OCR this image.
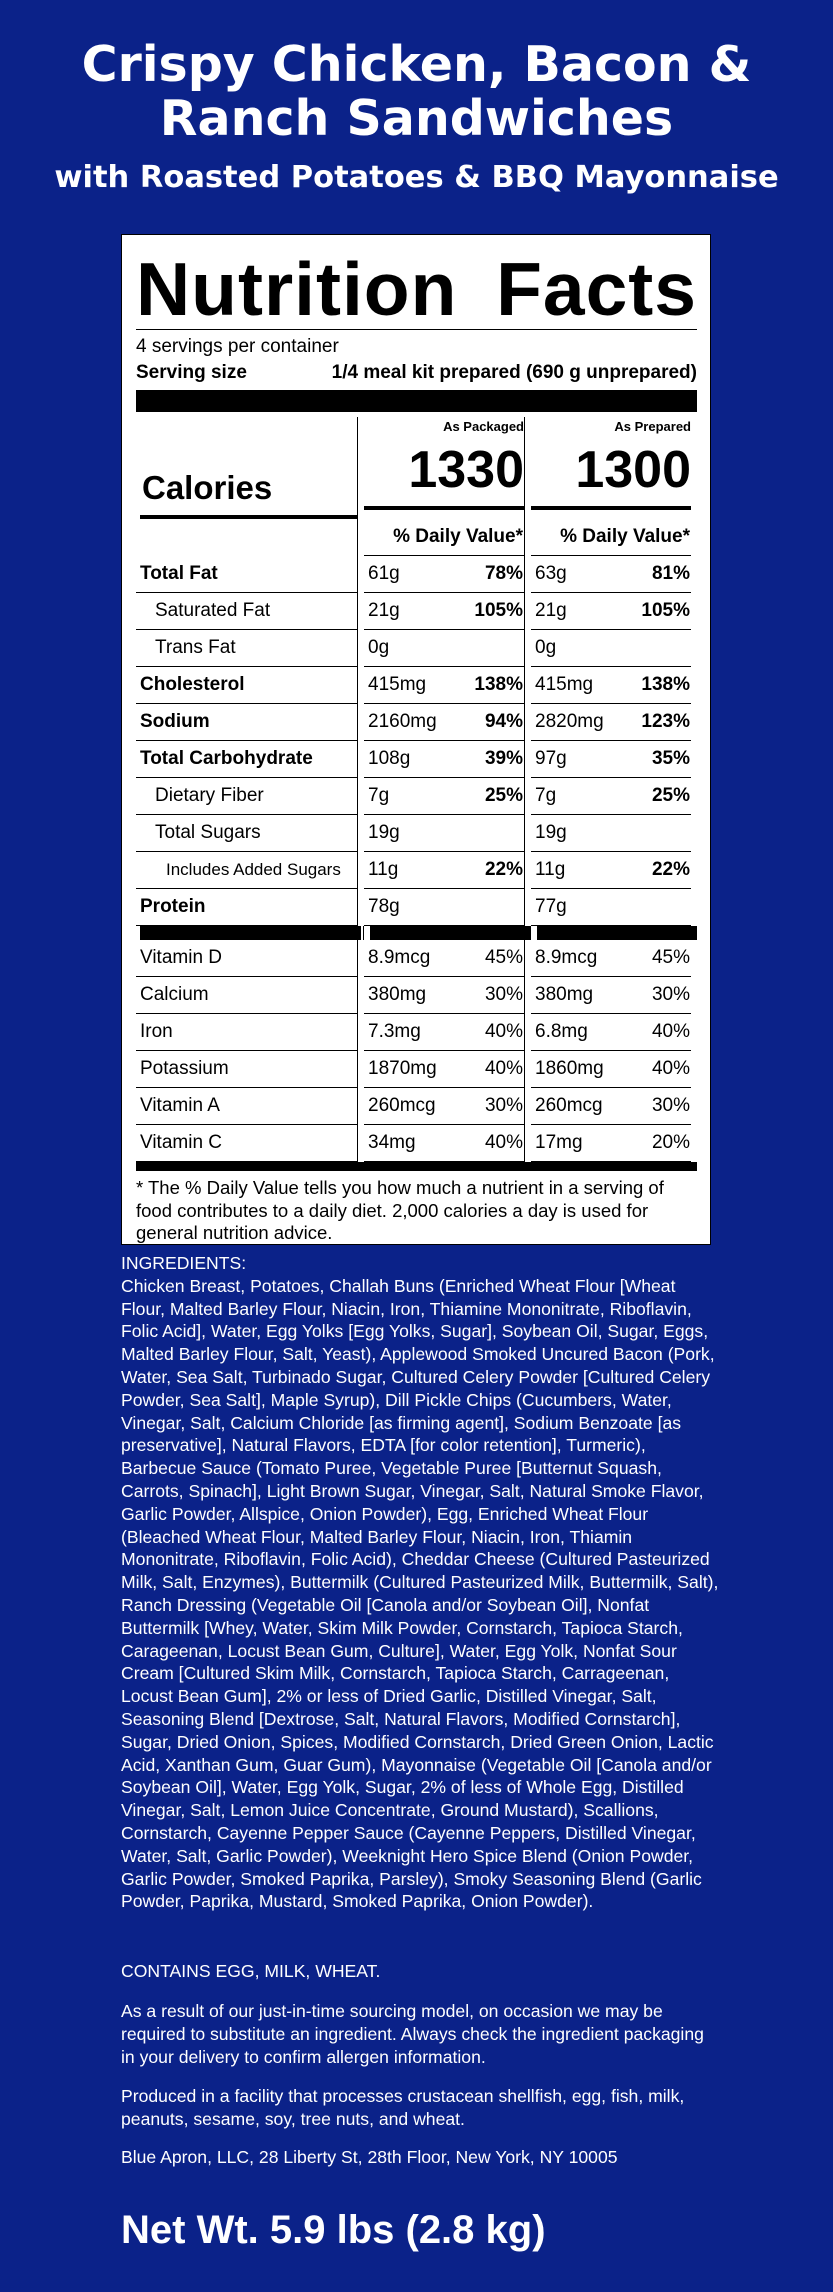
Crispy Chicken, Bacon &
Ranch Sandwiches
with Roasted Potatoes & BBQ Mayonnaise
Nutrition Facts
4 servings per container
Serving size	1/4 meal kit prepared (690 g unprepared)
Calories
As Packaged
1330
As Prepared
1300
% Daily Value*	% Daily Value*
Total Fat	61g	78% 63g	81%
Saturated Fat	21g	105% 21g	105%
Trans Fat	0g	0g
Cholesterol	415mg	138% 415mg	138%
Sodium	2160mg	94% 2820mg 123%
Total Carbohydrate	108g	39% 97g	35%
Dietary Fiber	7g	25% 7g	25%
Total Sugars	19g	19g
Includes Added Sugars	11g	22% 11g	22%
Protein	78g	77g
Vitamin D	8.9mcg	45% 8.9mcg	45%
Calcium	380mg	30% 380mg	30%
Iron	7.3mg	40% 6.8mg	40%
Potassium	1870mg	40% 1860mg	40%
Vitamin A	260mcg	30% 260mcg	30%
Vitamin C	34mg	40% 17mg	20%
* The % Daily Value tells you how much a nutrient in a serving of food contributes to a daily diet. 2,000 calories a day is used for general nutrition advice.
INGREDIENTS:
Chicken Breast, Potatoes, Challah Buns (Enriched Wheat Flour [Wheat Flour, Malted Barley Flour, Niacin, Iron, Thiamine Mononitrate, Riboflavin, Folic Acid], Water, Egg Yolks [Egg Yolks, Sugar], Soybean Oil, Sugar, Eggs, Malted Barley Flour, Salt, Yeast), Applewood Smoked Uncured Bacon (Pork, Water, Sea Salt, Turbinado Sugar, Cultured Celery Powder [Cultured Celery Powder, Sea Salt], Maple Syrup), Dill Pickle Chips (Cucumbers, Water, Vinegar, Salt, Calcium Chloride [as firming agent], Sodium Benzoate [as preservative], Natural Flavors, EDTA [for color retention], Turmeric), Barbecue Sauce (Tomato Puree, Vegetable Puree [Butternut Squash, Carrots, Spinach], Light Brown Sugar, Vinegar, Salt, Natural Smoke Flavor, Garlic Powder, Allspice, Onion Powder), Egg, Enriched Wheat Flour (Bleached Wheat Flour, Malted Barley Flour, Niacin, Iron, Thiamin Mononitrate, Riboflavin, Folic Acid), Cheddar Cheese (Cultured Pasteurized Milk, Salt, Enzymes), Buttermilk (Cultured Pasteurized Milk, Buttermilk, Salt), Ranch Dressing (Vegetable Oil [Canola and/or Soybean Oil], Nonfat Buttermilk [Whey, Water, Skim Milk Powder, Cornstarch, Tapioca Starch, Carageenan, Locust Bean Gum, Culture], Water, Egg Yolk, Nonfat Sour Cream [Cultured Skim Milk, Cornstarch, Tapioca Starch, Carrageenan, Locust Bean Gum], 2% or less of Dried Garlic, Distilled Vinegar, Salt, Seasoning Blend [Dextrose, Salt, Natural Flavors, Modified Cornstarch], Sugar, Dried Onion, Spices, Modified Cornstarch, Dried Green Onion, Lactic Acid, Xanthan Gum, Guar Gum), Mayonnaise (Vegetable Oil [Canola and/or Soybean Oil], Water, Egg Yolk, Sugar, 2% of less of Whole Egg, Distilled Vinegar, Salt, Lemon Juice Concentrate, Ground Mustard), Scallions, Cornstarch, Cayenne Pepper Sauce (Cayenne Peppers, Distilled Vinegar, Water, Salt, Garlic Powder), Weeknight Hero Spice Blend (Onion Powder, Garlic Powder, Smoked Paprika, Parsley), Smoky Seasoning Blend (Garlic Powder, Paprika, Mustard, Smoked Paprika, Onion Powder).
CONTAINS EGG, MILK, WHEAT.
As a result of our just-in-time sourcing model, on occasion we may be required to substitute an ingredient. Always check the ingredient packaging in your delivery to confirm allergen information.
Produced in a facility that processes crustacean shellfish, egg, fish, milk, peanuts, sesame, soy, tree nuts, and wheat.
Blue Apron, LLC, 28 Liberty St, 28th Floor, New York, NY 10005
Net Wt. 5.9 lbs (2.8 kg)
